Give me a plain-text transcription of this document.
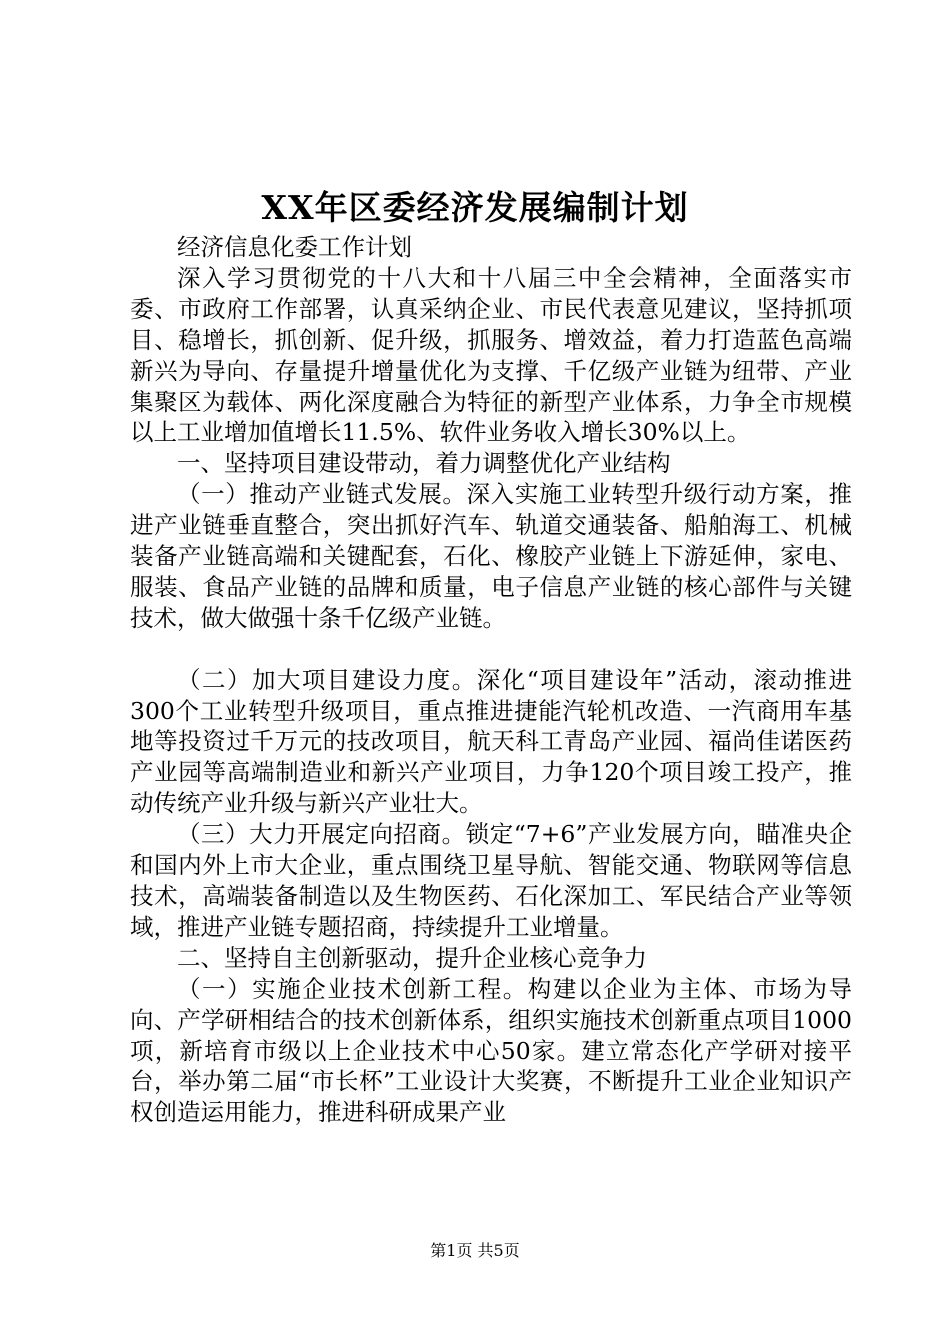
XX年区委经济发展编制计划

经济信息化委工作计划

深入学习贯彻党的十八大和十八届三中全会精神，全面落实市委、市政府工作部署，认真采纳企业、市民代表意见建议，坚持抓项目、稳增长，抓创新、促升级，抓服务、增效益，着力打造蓝色高端新兴为导向、存量提升增量优化为支撑、千亿级产业链为纽带、产业集聚区为载体、两化深度融合为特征的新型产业体系，力争全市规模以上工业增加值增长11.5%、软件业务收入增长30%以上。

一、坚持项目建设带动，着力调整优化产业结构

（一）推动产业链式发展。深入实施工业转型升级行动方案，推进产业链垂直整合，突出抓好汽车、轨道交通装备、船舶海工、机械装备产业链高端和关键配套，石化、橡胶产业链上下游延伸，家电、服装、食品产业链的品牌和质量，电子信息产业链的核心部件与关键技术，做大做强十条千亿级产业链。

（二）加大项目建设力度。深化“项目建设年”活动，滚动推进300个工业转型升级项目，重点推进捷能汽轮机改造、一汽商用车基地等投资过千万元的技改项目，航天科工青岛产业园、福尚佳诺医药产业园等高端制造业和新兴产业项目，力争120个项目竣工投产，推动传统产业升级与新兴产业壮大。

（三）大力开展定向招商。锁定“7+6”产业发展方向，瞄准央企和国内外上市大企业，重点围绕卫星导航、智能交通、物联网等信息技术，高端装备制造以及生物医药、石化深加工、军民结合产业等领域，推进产业链专题招商，持续提升工业增量。

二、坚持自主创新驱动，提升企业核心竞争力

（一）实施企业技术创新工程。构建以企业为主体、市场为导向、产学研相结合的技术创新体系，组织实施技术创新重点项目1000项，新培育市级以上企业技术中心50家。建立常态化产学研对接平台，举办第二届“市长杯”工业设计大奖赛，不断提升工业企业知识产权创造运用能力，推进科研成果产业

第1页 共5页
